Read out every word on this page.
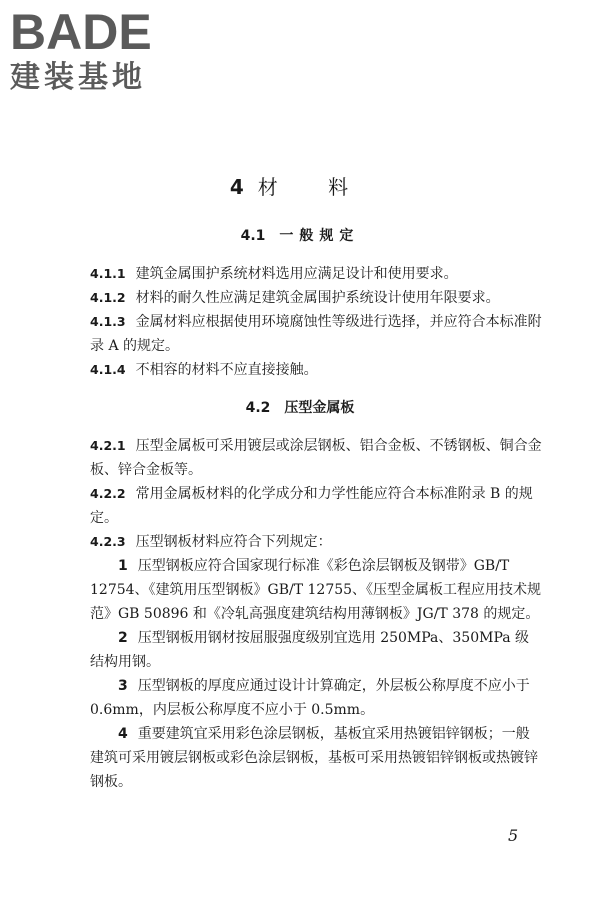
BADE
建装基地
4 材 料
4.1 一般规定

4.1.1 建筑金属围护系统材料选用应满足设计和使用要求。

4.1.2 材料的耐久性应满足建筑金属围护系统设计使用年限要求。

4.1.3 金属材料应根据使用环境腐蚀性等级进行选择，并应符合本标准附录 A 的规定。

4.1.4 不相容的材料不应直接接触。

4.2 压型金属板

4.2.1 压型金属板可采用镀层或涂层钢板、铝合金板、不锈钢板、铜合金板、锌合金板等。

4.2.2 常用金属板材料的化学成分和力学性能应符合本标准附录 B 的规定。

4.2.3 压型钢板材料应符合下列规定：

1 压型钢板应符合国家现行标准《彩色涂层钢板及钢带》GB/T 12754、《建筑用压型钢板》GB/T 12755、《压型金属板工程应用技术规范》GB 50896 和《冷轧高强度建筑结构用薄钢板》JG/T 378 的规定。

2 压型钢板用钢材按屈服强度级别宜选用 250MPa、350MPa 级结构用钢。

3 压型钢板的厚度应通过设计计算确定，外层板公称厚度不应小于 0.6mm，内层板公称厚度不应小于 0.5mm。

4 重要建筑宜采用彩色涂层钢板，基板宜采用热镀铝锌钢板；一般建筑可采用镀层钢板或彩色涂层钢板，基板可采用热镀铝锌钢板或热镀锌钢板。

5
